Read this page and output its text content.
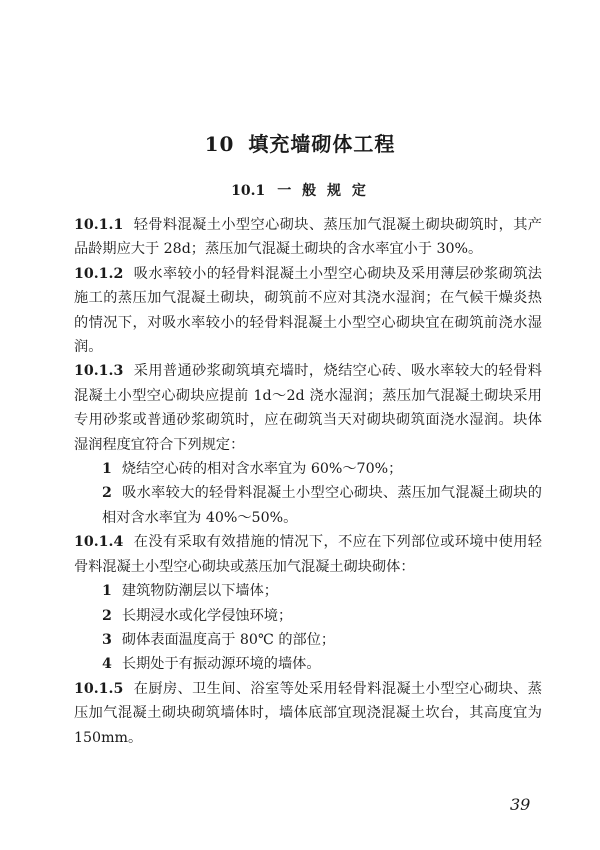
10 填充墙砌体工程
10.1 一 般 规 定
10.1.1 轻骨料混凝土小型空心砌块、蒸压加气混凝土砌块砌筑时，其产品龄期应大于 28d；蒸压加气混凝土砌块的含水率宜小于 30%。
10.1.2 吸水率较小的轻骨料混凝土小型空心砌块及采用薄层砂浆砌筑法施工的蒸压加气混凝土砌块，砌筑前不应对其浇水湿润；在气候干燥炎热的情况下，对吸水率较小的轻骨料混凝土小型空心砌块宜在砌筑前浇水湿润。
10.1.3 采用普通砂浆砌筑填充墙时，烧结空心砖、吸水率较大的轻骨料混凝土小型空心砌块应提前 1d～2d 浇水湿润；蒸压加气混凝土砌块采用专用砂浆或普通砂浆砌筑时，应在砌筑当天对砌块砌筑面浇水湿润。块体湿润程度宜符合下列规定：
1 烧结空心砖的相对含水率宜为 60%～70%；
2 吸水率较大的轻骨料混凝土小型空心砌块、蒸压加气混凝土砌块的相对含水率宜为 40%～50%。
10.1.4 在没有采取有效措施的情况下，不应在下列部位或环境中使用轻骨料混凝土小型空心砌块或蒸压加气混凝土砌块砌体：
1 建筑物防潮层以下墙体；
2 长期浸水或化学侵蚀环境；
3 砌体表面温度高于 80℃ 的部位；
4 长期处于有振动源环境的墙体。
10.1.5 在厨房、卫生间、浴室等处采用轻骨料混凝土小型空心砌块、蒸压加气混凝土砌块砌筑墙体时，墙体底部宜现浇混凝土坎台，其高度宜为 150mm。
39
